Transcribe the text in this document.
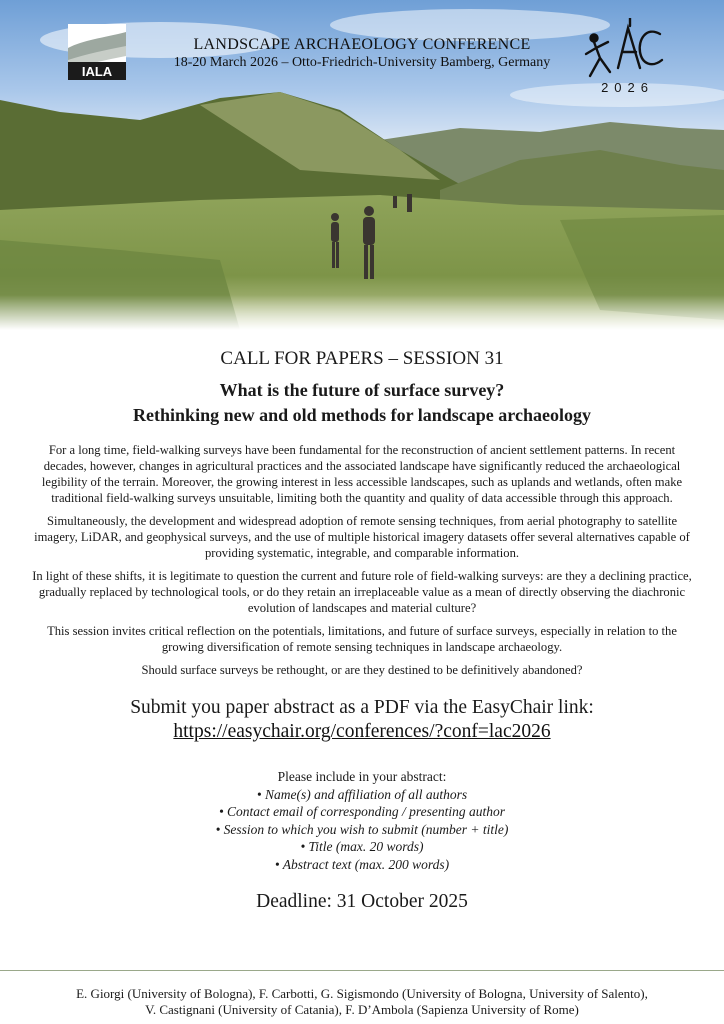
IALA
LANDSCAPE ARCHAEOLOGY CONFERENCE
18-20 March 2026 – Otto-Friedrich-University Bamberg, Germany
LAC
2026
CALL FOR PAPERS – SESSION 31
What is the future of surface survey?
Rethinking new and old methods for landscape archaeology

For a long time, field-walking surveys have been fundamental for the reconstruction of ancient settlement patterns. In recent decades, however, changes in agricultural practices and the associated landscape have significantly reduced the archaeological legibility of the terrain. Moreover, the growing interest in less accessible landscapes, such as uplands and wetlands, often make traditional field-walking surveys unsuitable, limiting both the quantity and quality of data accessible through this approach.

Simultaneously, the development and widespread adoption of remote sensing techniques, from aerial photography to satellite imagery, LiDAR, and geophysical surveys, and the use of multiple historical imagery datasets offer several alternatives capable of providing systematic, integrable, and comparable information.

In light of these shifts, it is legitimate to question the current and future role of field-walking surveys: are they a declining practice, gradually replaced by technological tools, or do they retain an irreplaceable value as a mean of directly observing the diachronic evolution of landscapes and material culture?

This session invites critical reflection on the potentials, limitations, and future of surface surveys, especially in relation to the growing diversification of remote sensing techniques in landscape archaeology.

Should surface surveys be rethought, or are they destined to be definitively abandoned?

Submit you paper abstract as a PDF via the EasyChair link:
https://easychair.org/conferences/?conf=lac2026
Please include in your abstract:
• Name(s) and affiliation of all authors
• Contact email of corresponding / presenting author
• Session to which you wish to submit (number + title)
• Title (max. 20 words)
• Abstract text (max. 200 words)
Deadline: 31 October 2025
E. Giorgi (University of Bologna), F. Carbotti, G. Sigismondo (University of Bologna, University of Salento),
V. Castignani (University of Catania), F. D’Ambola (Sapienza University of Rome)
